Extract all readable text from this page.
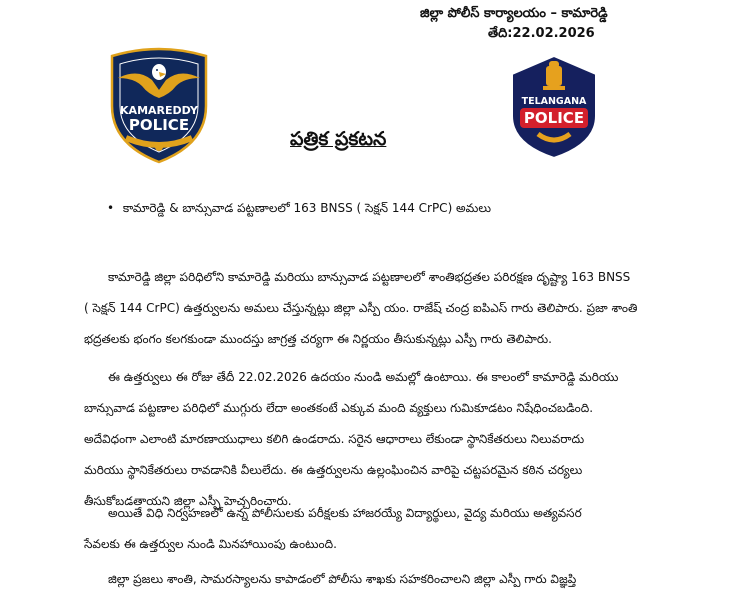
జిల్లా పోలీస్ కార్యాలయం – కామారెడ్డి
తేది:22.02.2026
KAMAREDDY
POLICE
TELANGANA
POLICE
పత్రిక ప్రకటన
• కామారెడ్డి & బాన్సువాడ పట్టణాలలో 163 BNSS ( సెక్షన్ 144 CrPC) అమలు
కామారెడ్డి జిల్లా పరిధిలోని కామారెడ్డి మరియు బాన్సువాడ పట్టణాలలో శాంతిభద్రతల పరిరక్షణ దృష్ట్యా 163 BNSS
( సెక్షన్ 144 CrPC) ఉత్తర్వులను అమలు చేస్తున్నట్లు జిల్లా ఎస్పీ యం. రాజేష్ చంద్ర ఐపిఎస్ గారు తెలిపారు. ప్రజా శాంతి
భద్రతలకు భంగం కలగకుండా ముందస్తు జాగ్రత్త చర్యగా ఈ నిర్ణయం తీసుకున్నట్లు ఎస్పీ గారు తెలిపారు.
ఈ ఉత్తర్వులు ఈ రోజు తేదీ 22.02.2026 ఉదయం నుండి అమల్లో ఉంటాయి. ఈ కాలంలో కామారెడ్డి మరియు
బాన్సువాడ పట్టణాల పరిధిలో ముగ్గురు లేదా అంతకంటే ఎక్కువ మంది వ్యక్తులు గుమికూడటం నిషేధించబడింది.
అదేవిధంగా ఎలాంటి మారణాయుధాలు కలిగి ఉండరాదు. సరైన ఆధారాలు లేకుండా స్థానికేతరులు నిలువరాదు
మరియు స్థానికేతరులు రావడానికి వీలులేదు. ఈ ఉత్తర్వులను ఉల్లంఘించిన వారిపై చట్టపరమైన కఠిన చర్యలు
తీసుకోబడతాయని జిల్లా ఎస్పీ హెచ్చరించారు.
అయితే విధి నిర్వహణలో ఉన్న పోలీసులకు పరీక్షలకు హాజరయ్యే విద్యార్థులు, వైద్య మరియు అత్యవసర
సేవలకు ఈ ఉత్తర్వుల నుండి మినహాయింపు ఉంటుంది.
జిల్లా ప్రజలు శాంతి, సామరస్యాలను కాపాడంలో పోలీసు శాఖకు సహకరించాలని జిల్లా ఎస్పీ గారు విజ్ఞప్తి
